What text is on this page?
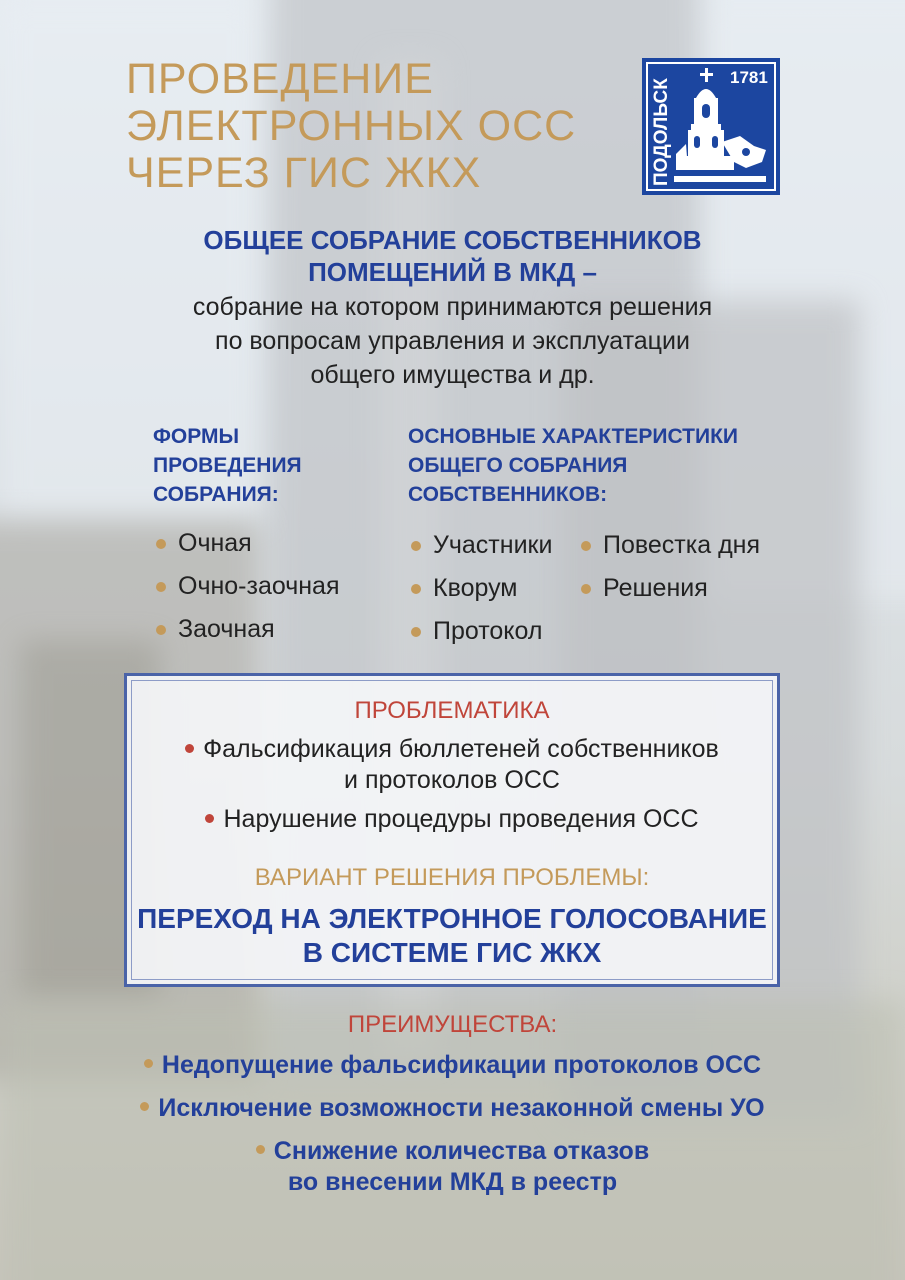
ПРОВЕДЕНИЕ
ЭЛЕКТРОННЫХ ОСС
ЧЕРЕЗ ГИС ЖКХ	ПОДОЛЬСК
1781
ОБЩЕЕ СОБРАНИЕ СОБСТВЕННИКОВ
ПОМЕЩЕНИЙ В МКД –
собрание на котором принимаются решения
по вопросам управления и эксплуатации
общего имущества и др.
ФОРМЫ
ПРОВЕДЕНИЯ
СОБРАНИЯ:
Очная
Очно-заочная
Заочная
ОСНОВНЫЕ ХАРАКТЕРИСТИКИ
ОБЩЕГО СОБРАНИЯ
СОБСТВЕННИКОВ:
Участники
Кворум
Протокол
Повестка дня
Решения
ПРОБЛЕМАТИКА
Фальсификация бюллетеней собственников
и протоколов ОСС
Нарушение процедуры проведения ОСС
ВАРИАНТ РЕШЕНИЯ ПРОБЛЕМЫ:
ПЕРЕХОД НА ЭЛЕКТРОННОЕ ГОЛОСОВАНИЕ
В СИСТЕМЕ ГИС ЖКХ
ПРЕИМУЩЕСТВА:
Недопущение фальсификации протоколов ОСС
Исключение возможности незаконной смены УО
Снижение количества отказов
во внесении МКД в реестр
